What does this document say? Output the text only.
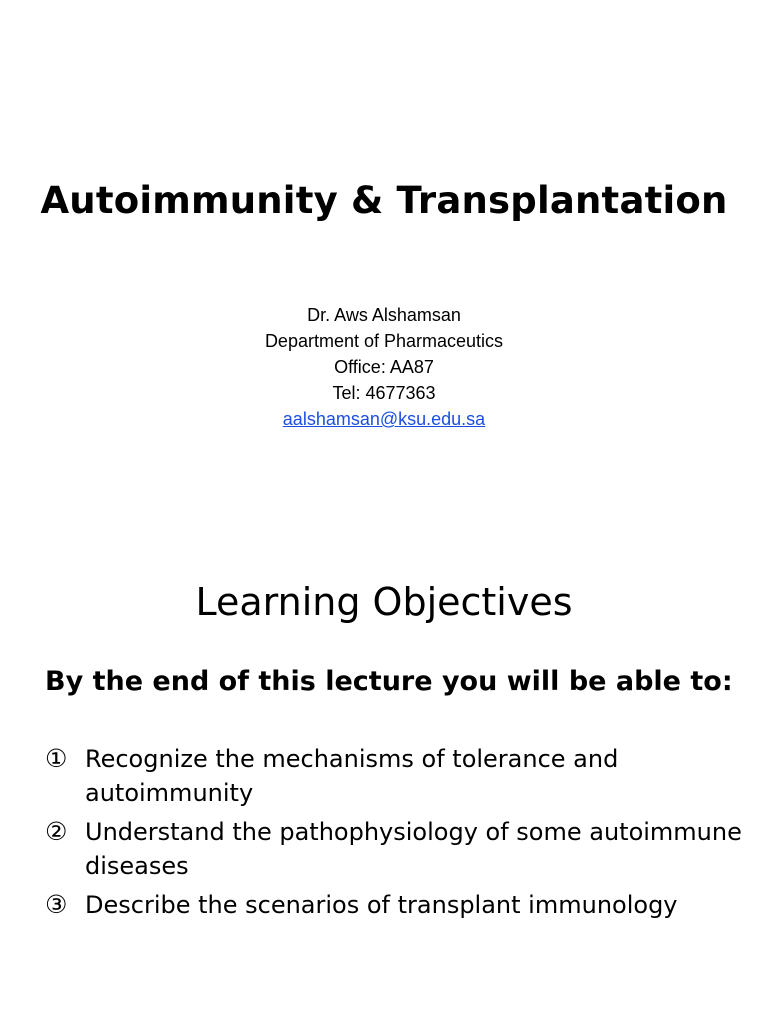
Autoimmunity & Transplantation
Dr. Aws Alshamsan
Department of Pharmaceutics
Office: AA87
Tel: 4677363
aalshamsan@ksu.edu.sa
Learning Objectives
By the end of this lecture you will be able to:
① Recognize the mechanisms of tolerance and autoimmunity
② Understand the pathophysiology of some autoimmune diseases
③ Describe the scenarios of transplant immunology
